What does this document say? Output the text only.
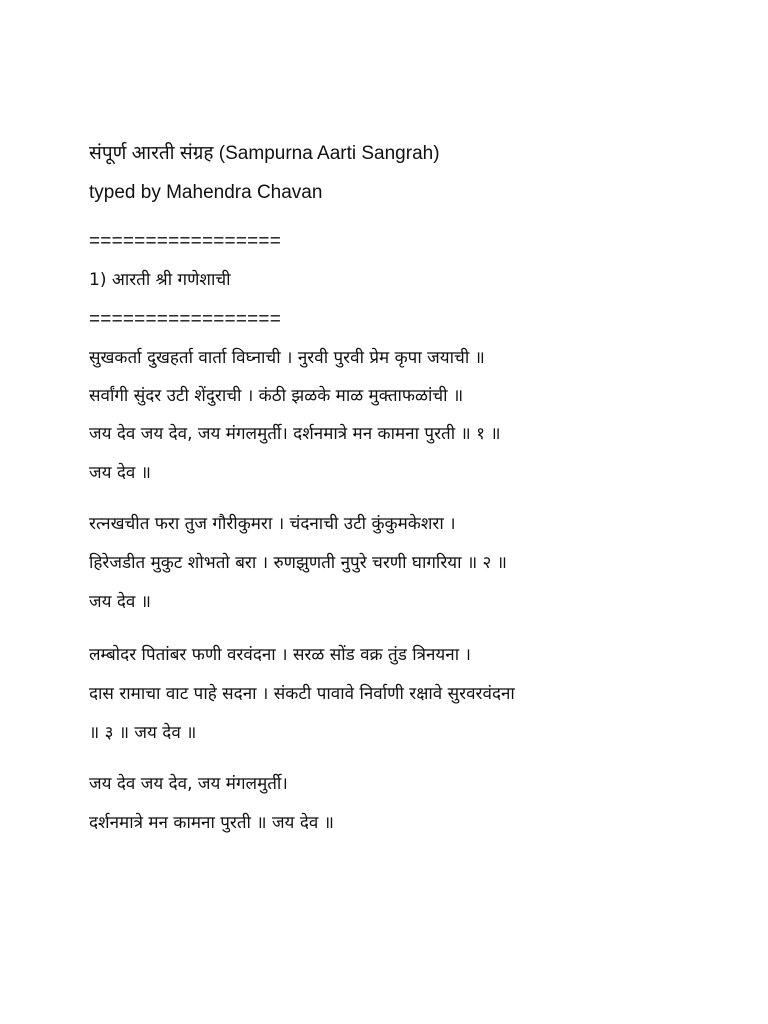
संपूर्ण आरती संग्रह (Sampurna Aarti Sangrah)
typed by Mahendra Chavan
=================
1) आरती श्री गणेशाची
=================
सुखकर्ता दुखहर्ता वार्ता विघ्नाची । नुरवी पुरवी प्रेम कृपा जयाची ॥
सर्वांगी सुंदर उटी शेंदुराची । कंठी झळके माळ मुक्ताफळांची ॥
जय देव जय देव, जय मंगलमुर्ती। दर्शनमात्रे मन कामना पुरती ॥ १ ॥
जय देव ॥
रत्नखचीत फरा तुज गौरीकुमरा । चंदनाची उटी कुंकुमकेशरा ।
हिरेजडीत मुकुट शोभतो बरा । रुणझुणती नुपुरे चरणी घागरिया ॥ २ ॥
जय देव ॥
लम्बोदर पितांबर फणी वरवंदना । सरळ सोंड वक्र तुंड त्रिनयना ।
दास रामाचा वाट पाहे सदना । संकटी पावावे निर्वाणी रक्षावे सुरवरवंदना
॥ ३ ॥ जय देव ॥
जय देव जय देव, जय मंगलमुर्ती।
दर्शनमात्रे मन कामना पुरती ॥ जय देव ॥
